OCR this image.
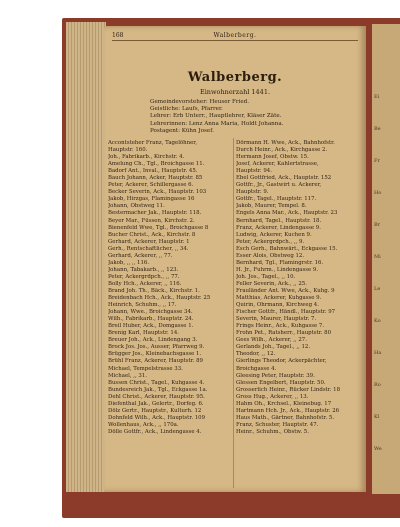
Ei
Be
Fr
Ho
Br
Mi
Le
Ko
Ha
Ro
Kl
We
168	Walberberg.
Walberberg.
Einwohnerzahl 1441.
Gemeindevorsteher: Heuser Fried.
Geistliche: Laufs, Pfarrer.
Lehrer: Erb Unterr., Hauptlehrer, Kläser Zäte.
Lehrerinnen: Lenz Anna Maria, Holdt Johanna.
Postagent: Kühn Josef.
Accontsteher Franz, Tagelöhner,
Hauptstr. 160.
Joh., Fabrikarb., Kirchstr. 4.
Amelung Ch., Tgl., Broichgasse 11.
Badorf Ant., Inval., Hauptstr. 45.
Bauch Johann, Acker, Hauptstr. 85
Peter, Ackerer, Schillergasse 6.
Becker Severin, Ack., Hauptstr. 103
Jakob, Hirzgas, Flamingasse 16
Johann, Obstweg 11.
Bestermacher Jak., Hauptstr. 118.
Beyer Mar., Füssen, Kirchstr. 2.
Bienenfeld Wwe, Tgl., Broichgasse 8
Bucher Christ., Ack., Kirchstr. 8
Gerhard, Ackerer, Hauptstr. 1
Gerh., Rentschaftlicher, ,, 34.
Gerhard, Ackerer, ,, 77.
Jakob, ,, ,, 116.
Johann, Tabakarb., ,, 123.
Peter, Ackergrdpch., ,, 77.
Bolly Hch., Ackerer, ,, 116.
Brand Joh. Th., Bäck., Kirchstr. 1.
Breidenbach Hch., Ack., Hauptstr. 25
Heinrich, Schuhm., ,, 17.
Johann, Wwe., Broichgasse 34.
Wilh., Fabrikarb., Hauptstr. 24.
Breil Huber, Ack., Domgasse 1.
Brenig Karl, Hauptstr. 14.
Breuer Joh., Ack., Lindengang 3.
Brock Jos. Jos., Ausser, Pfarrweg 9.
Brügger Jos., Kleinebachsgasse 1.
Brühl Franz, Ackerer, Hauptstr. 89
Michael, Tempelstrasse 33.
Michael, ,, 31.
Bussen Christ., Tagel., Kuhgasse 4.
Bundesreich Jak., Tgl., Eckgasse 1a.
Dehl Christ., Ackerer, Hauptstr. 95.
Diefenthal Jak., Gelertr., Dorfeg. 6.
Dölz Gertr., Hauptstr., Kulturh. 12
Dohnfeld Wilh., Ack., Hauptstr. 109
Wollenhaus, Ack., ,, 170a.
Dölle Gottfr., Ack., Lindengasse 4.
Dörmann H. Wwe, Ack., Bahnhofstr.
Durch Heinr., Ack., Kirchgasse 2.
Hermann Josef, Obstw. 15.
Josef, Ackerer, Kahlertstrasse,
Hauptstr. 94.
Ebel Gottfried, Ack., Hauptstr. 152
Gottfr., Jr., Gastwirt u. Ackerer,
Hauptstr. 9.
Gottfr., Tagel., Hauptstr. 117.
Jakob, Maurer, Tempel. 8.
Engels Anna Mar., Ack., Hauptstr. 23
Bernhard, Tagel., Hauptstr. 18.
Franz, Ackerer, Lindengasse 9.
Ludwig, Ackerer, Kuchen 9.
Peter, Ackergrdpch., ,, 9.
Esch Gerh., Bahnwärt., Eckgasse 15.
Esser Alois, Obstweg 12.
Bernhard, Tgl., Flamingrstr. 16.
H. Jr., Fuhrm., Lindengasse 9.
Joh. Jos., Tagel., ,, 10.
Feller Severin, Ack., ,, 25.
Frauländer Ant. Wwe, Ack., Kuhg. 9
Matthias, Ackerer, Kuhgasse 9.
Quirin, Ohrmann, Kirchweg 4.
Fischer Gottfr., Händl., Hauptstr. 97
Severin, Maurer, Hauptstr. 7.
Frings Heinr., Ack., Kuhgasse 7.
Frohn Pet., Ratsherr., Hauptstr. 80
Gees Wilh., Ackerer, ,, 27.
Gerlands Joh., Tagel., ,, 12.
Theodor, ,, 12.
Gierlings Theodor, Ackerpächter,
Broichgasse 4.
Gleesing Peter, Hauptstr. 39.
Glessen Engelbert, Hauptstr. 50.
Grosserlich Heinr., Rücker Lindstr. 18
Gross Hug., Ackerer, ,, 13.
Hahm Oh., Krchsel., Kleinebug. 17
Hartmann Hch. Jr., Ack., Hauptstr. 26
Haus Math., Gärtner, Bahnhofstr. 5.
Franz, Schuster, Hauptstr. 47.
Heinr., Schuhm., Obstw. 5.
